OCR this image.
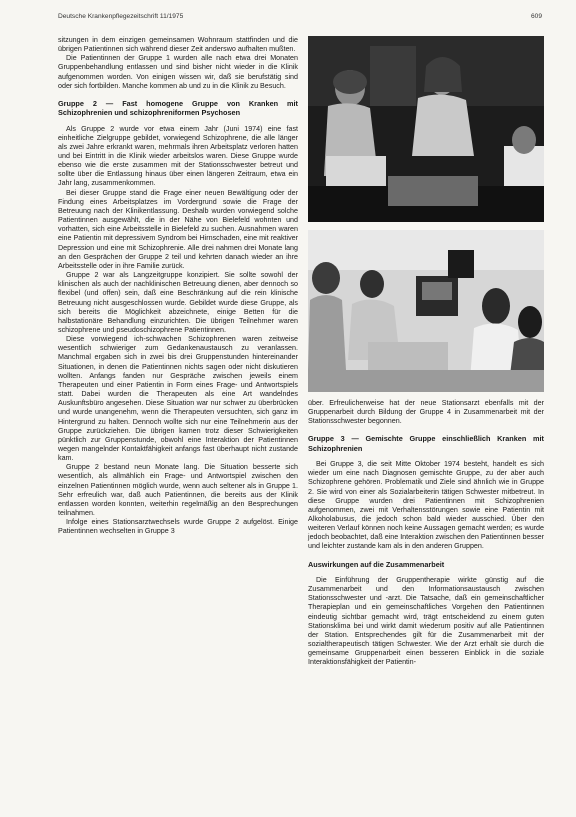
Deutsche Krankenpflegezeitschrift 11/1975	609

sitzungen in dem einzigen gemeinsamen Wohnraum stattfinden und die übrigen Patientinnen sich während dieser Zeit anderswo aufhalten mußten.

Die Patientinnen der Gruppe 1 wurden alle nach etwa drei Monaten Gruppenbehandlung entlassen und sind bisher nicht wieder in die Klinik aufgenommen worden. Von einigen wissen wir, daß sie berufstätig sind oder sich fortbilden. Manche kommen ab und zu in die Klinik zu Besuch.

Gruppe 2 — Fast homogene Gruppe von Kranken mit Schizophrenien und schizophreniformen Psychosen

Als Gruppe 2 wurde vor etwa einem Jahr (Juni 1974) eine fast einheitliche Zielgruppe gebildet, vorwiegend Schizophrene, die alle länger als zwei Jahre erkrankt waren, mehrmals ihren Arbeitsplatz verloren hatten und bei Eintritt in die Klinik wieder arbeitslos waren. Diese Gruppe wurde ebenso wie die erste zusammen mit der Stationsschwester betreut und sollte über die Entlassung hinaus über einen längeren Zeitraum, etwa ein Jahr lang, zusammenkommen.

Bei dieser Gruppe stand die Frage einer neuen Bewältigung oder der Findung eines Arbeitsplatzes im Vordergrund sowie die Frage der Betreuung nach der Klinikentlassung. Deshalb wurden vorwiegend solche Patientinnen ausgewählt, die in der Nähe von Bielefeld wohnten und vorhatten, sich eine Arbeitsstelle in Bielefeld zu suchen. Ausnahmen waren eine Patientin mit depressivem Syndrom bei Hirnschaden, eine mit reaktiver Depression und eine mit Schizophrenie. Alle drei nahmen drei Monate lang an den Gesprächen der Gruppe 2 teil und kehrten danach wieder an ihre Arbeitsstelle oder in ihre Familie zurück.

Gruppe 2 war als Langzeitgruppe konzipiert. Sie sollte sowohl der klinischen als auch der nachklinischen Betreuung dienen, aber dennoch so flexibel (und offen) sein, daß eine Beschränkung auf die rein klinische Betreuung nicht ausgeschlossen wurde. Gebildet wurde diese Gruppe, als sich bereits die Möglichkeit abzeichnete, einige Betten für die halbstationäre Behandlung einzurichten. Die übrigen Teilnehmer waren schizophrene und pseudoschizophrene Patientinnen.

Diese vorwiegend ich-schwachen Schizophrenen waren zeitweise wesentlich schwieriger zum Gedankenaustausch zu veranlassen. Manchmal ergaben sich in zwei bis drei Gruppenstunden hintereinander Situationen, in denen die Patientinnen nichts sagen oder nicht diskutieren wollten. Anfangs fanden nur Gespräche zwischen jeweils einem Therapeuten und einer Patientin in Form eines Frage- und Antwortspiels statt. Dabei wurden die Therapeuten als eine Art wandelndes Auskunftsbüro angesehen. Diese Situation war nur schwer zu überbrücken und wurde unangenehm, wenn die Therapeuten versuchten, sich ganz im Hintergrund zu halten. Dennoch wollte sich nur eine Teilnehmerin aus der Gruppe zurückziehen. Die übrigen kamen trotz dieser Schwierigkeiten pünktlich zur Gruppenstunde, obwohl eine Interaktion der Patientinnen wegen mangelnder Kontaktfähigkeit anfangs fast überhaupt nicht zustande kam.

Gruppe 2 bestand neun Monate lang. Die Situation besserte sich wesentlich, als allmählich ein Frage- und Antwortspiel zwischen den einzelnen Patientinnen möglich wurde, wenn auch seltener als in Gruppe 1. Sehr erfreulich war, daß auch Patientinnen, die bereits aus der Klinik entlassen worden konnten, weiterhin regelmäßig an den Besprechungen teilnahmen.

Infolge eines Stationsarztwechsels wurde Gruppe 2 aufgelöst. Einige Patientinnen wechselten in Gruppe 3

über. Erfreulicherweise hat der neue Stationsarzt ebenfalls mit der Gruppenarbeit durch Bildung der Gruppe 4 in Zusammenarbeit mit der Stationsschwester begonnen.

Gruppe 3 — Gemischte Gruppe einschließlich Kranken mit Schizophrenien

Bei Gruppe 3, die seit Mitte Oktober 1974 besteht, handelt es sich wieder um eine nach Diagnosen gemischte Gruppe, zu der aber auch Schizophrene gehören. Problematik und Ziele sind ähnlich wie in Gruppe 2. Sie wird von einer als Sozialarbeiterin tätigen Schwester mitbetreut. In diese Gruppe wurden drei Patientinnen mit Schizophrenien aufgenommen, zwei mit Verhaltensstörungen sowie eine Patientin mit Alkoholabusus, die jedoch schon bald wieder ausschied. Über den weiteren Verlauf können noch keine Aussagen gemacht werden; es wurde jedoch beobachtet, daß eine Interaktion zwischen den Patientinnen besser und leichter zustande kam als in den anderen Gruppen.

Auswirkungen auf die Zusammenarbeit

Die Einführung der Gruppentherapie wirkte günstig auf die Zusammenarbeit und den Informationsaustausch zwischen Stationsschwester und -arzt. Die Tatsache, daß ein gemeinschaftlicher Therapieplan und ein gemeinschaftliches Vorgehen den Patientinnen eindeutig sichtbar gemacht wird, trägt entscheidend zu einem guten Stationsklima bei und wirkt damit wiederum positiv auf alle Patientinnen der Station. Entsprechendes gilt für die Zusammenarbeit mit der sozialtherapeutisch tätigen Schwester. Wie der Arzt erhält sie durch die gemeinsame Gruppenarbeit einen besseren Einblick in die soziale Interaktionsfähigkeit der Patientin-
